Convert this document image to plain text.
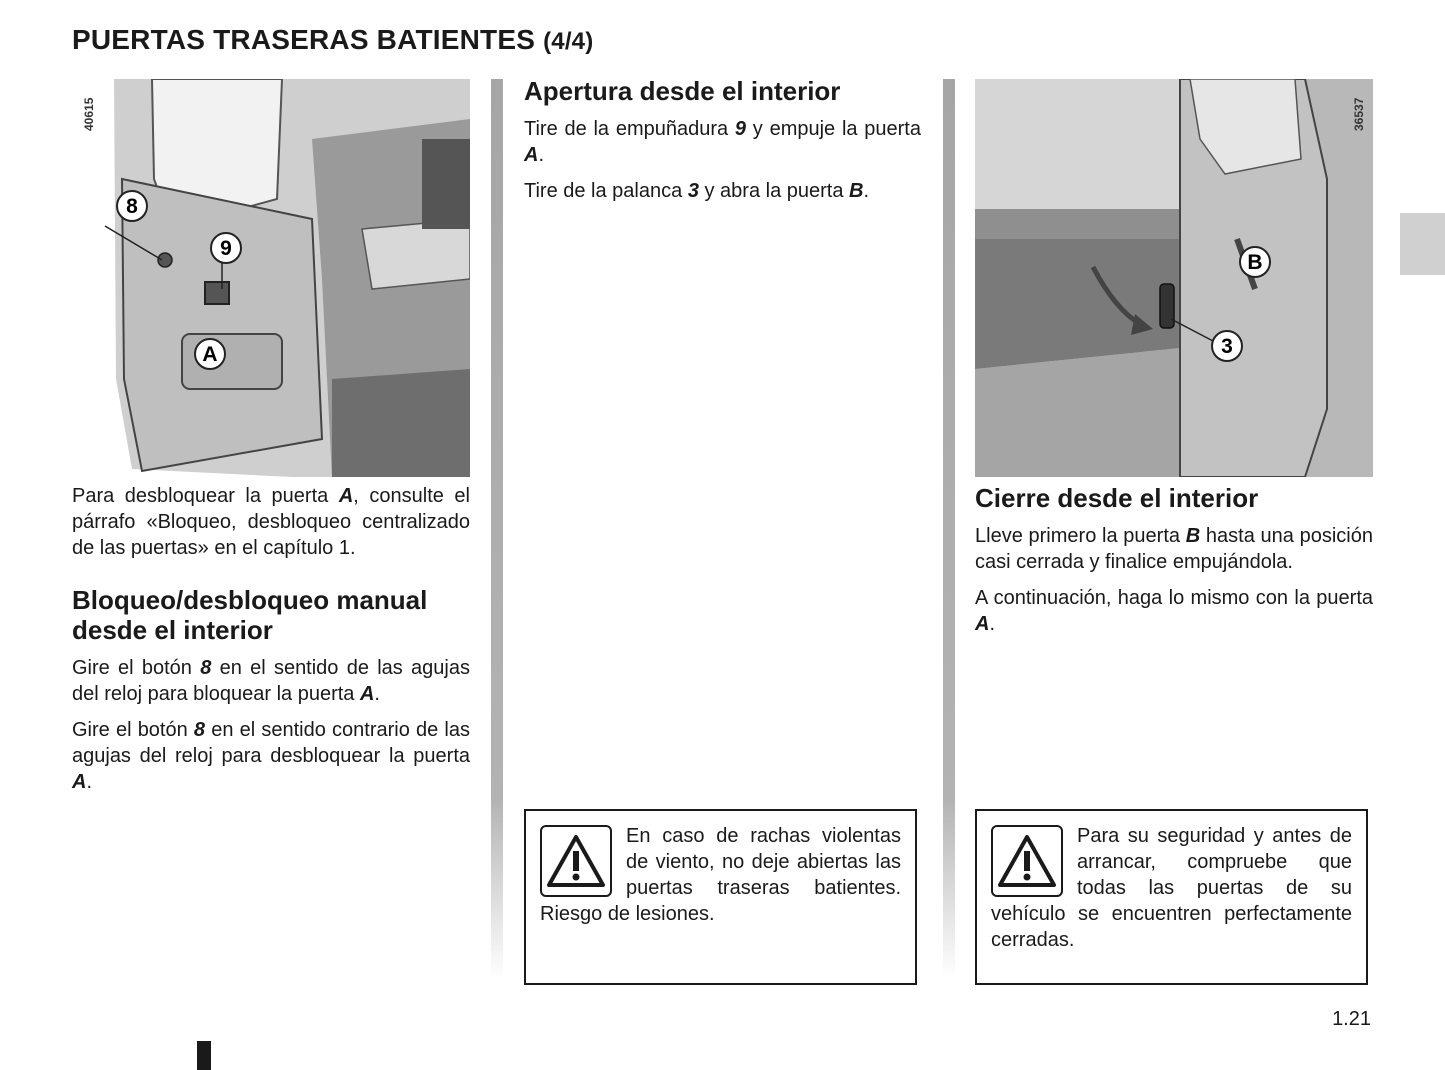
PUERTAS TRASERAS BATIENTES (4/4)
8
9
A
40615

Para desbloquear la puerta A, consulte el párrafo «Bloqueo, desbloqueo centralizado de las puertas» en el capítulo 1.

Bloqueo/desbloqueo manual desde el interior

Gire el botón 8 en el sentido de las agujas del reloj para bloquear la puerta A.

Gire el botón 8 en el sentido contrario de las agujas del reloj para desbloquear la puerta A.

Apertura desde el interior

Tire de la empuñadura 9 y empuje la puerta A.

Tire de la palanca 3 y abra la puerta B.

En caso de rachas violentas de viento, no deje abiertas las puertas traseras batientes. Riesgo de lesiones.

B
3
Cierre desde el interior

Lleve primero la puerta B hasta una posición casi cerrada y finalice empujándola.

A continuación, haga lo mismo con la puerta A.

36537

Para su seguridad y antes de arrancar, compruebe que todas las puertas de su vehículo se encuentren perfectamente cerradas.

1.21
